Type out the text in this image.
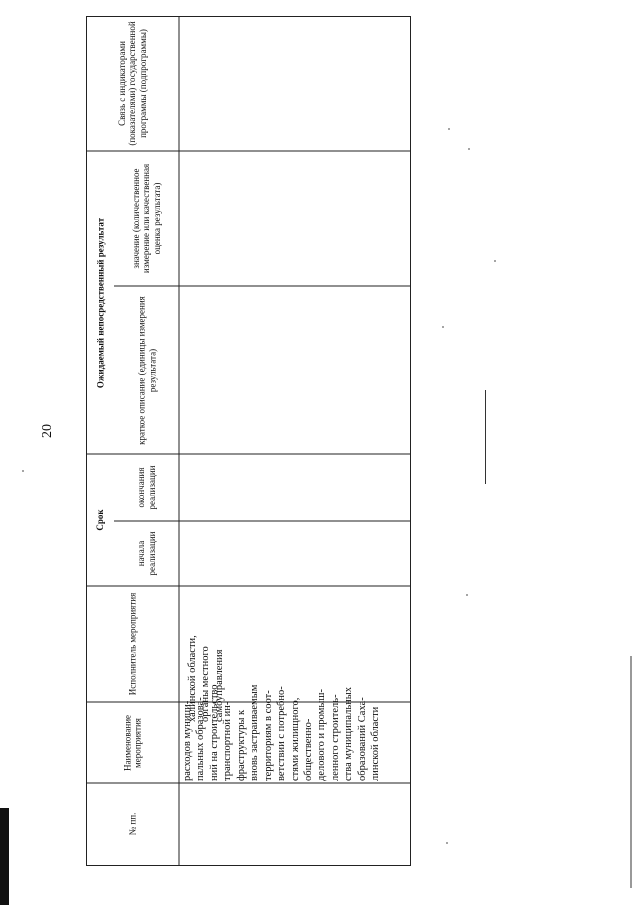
20
№ пп.
Наименование мероприятия
Исполнитель мероприятия
Срок
начала реализации
окончания реализации
Ожидаемый непосредственный результат	краткое описание (единицы измерения результата)
значение (количественное измерение или качественная оценка результата)
Связь с индикаторами (показателями) государственной программы (подпрограммы)
расходов муници-
пальных образова-
ний на строительство
транспортной ин-
фраструктуры к
вновь застраиваемым
территориям в соот-
ветствии с потребно-
стями жилищного,
общественно-
делового и промыш-
ленного строитель-
ства муниципальных
образований Саха-
линской области
халинской области,
органы местного
самоуправления
